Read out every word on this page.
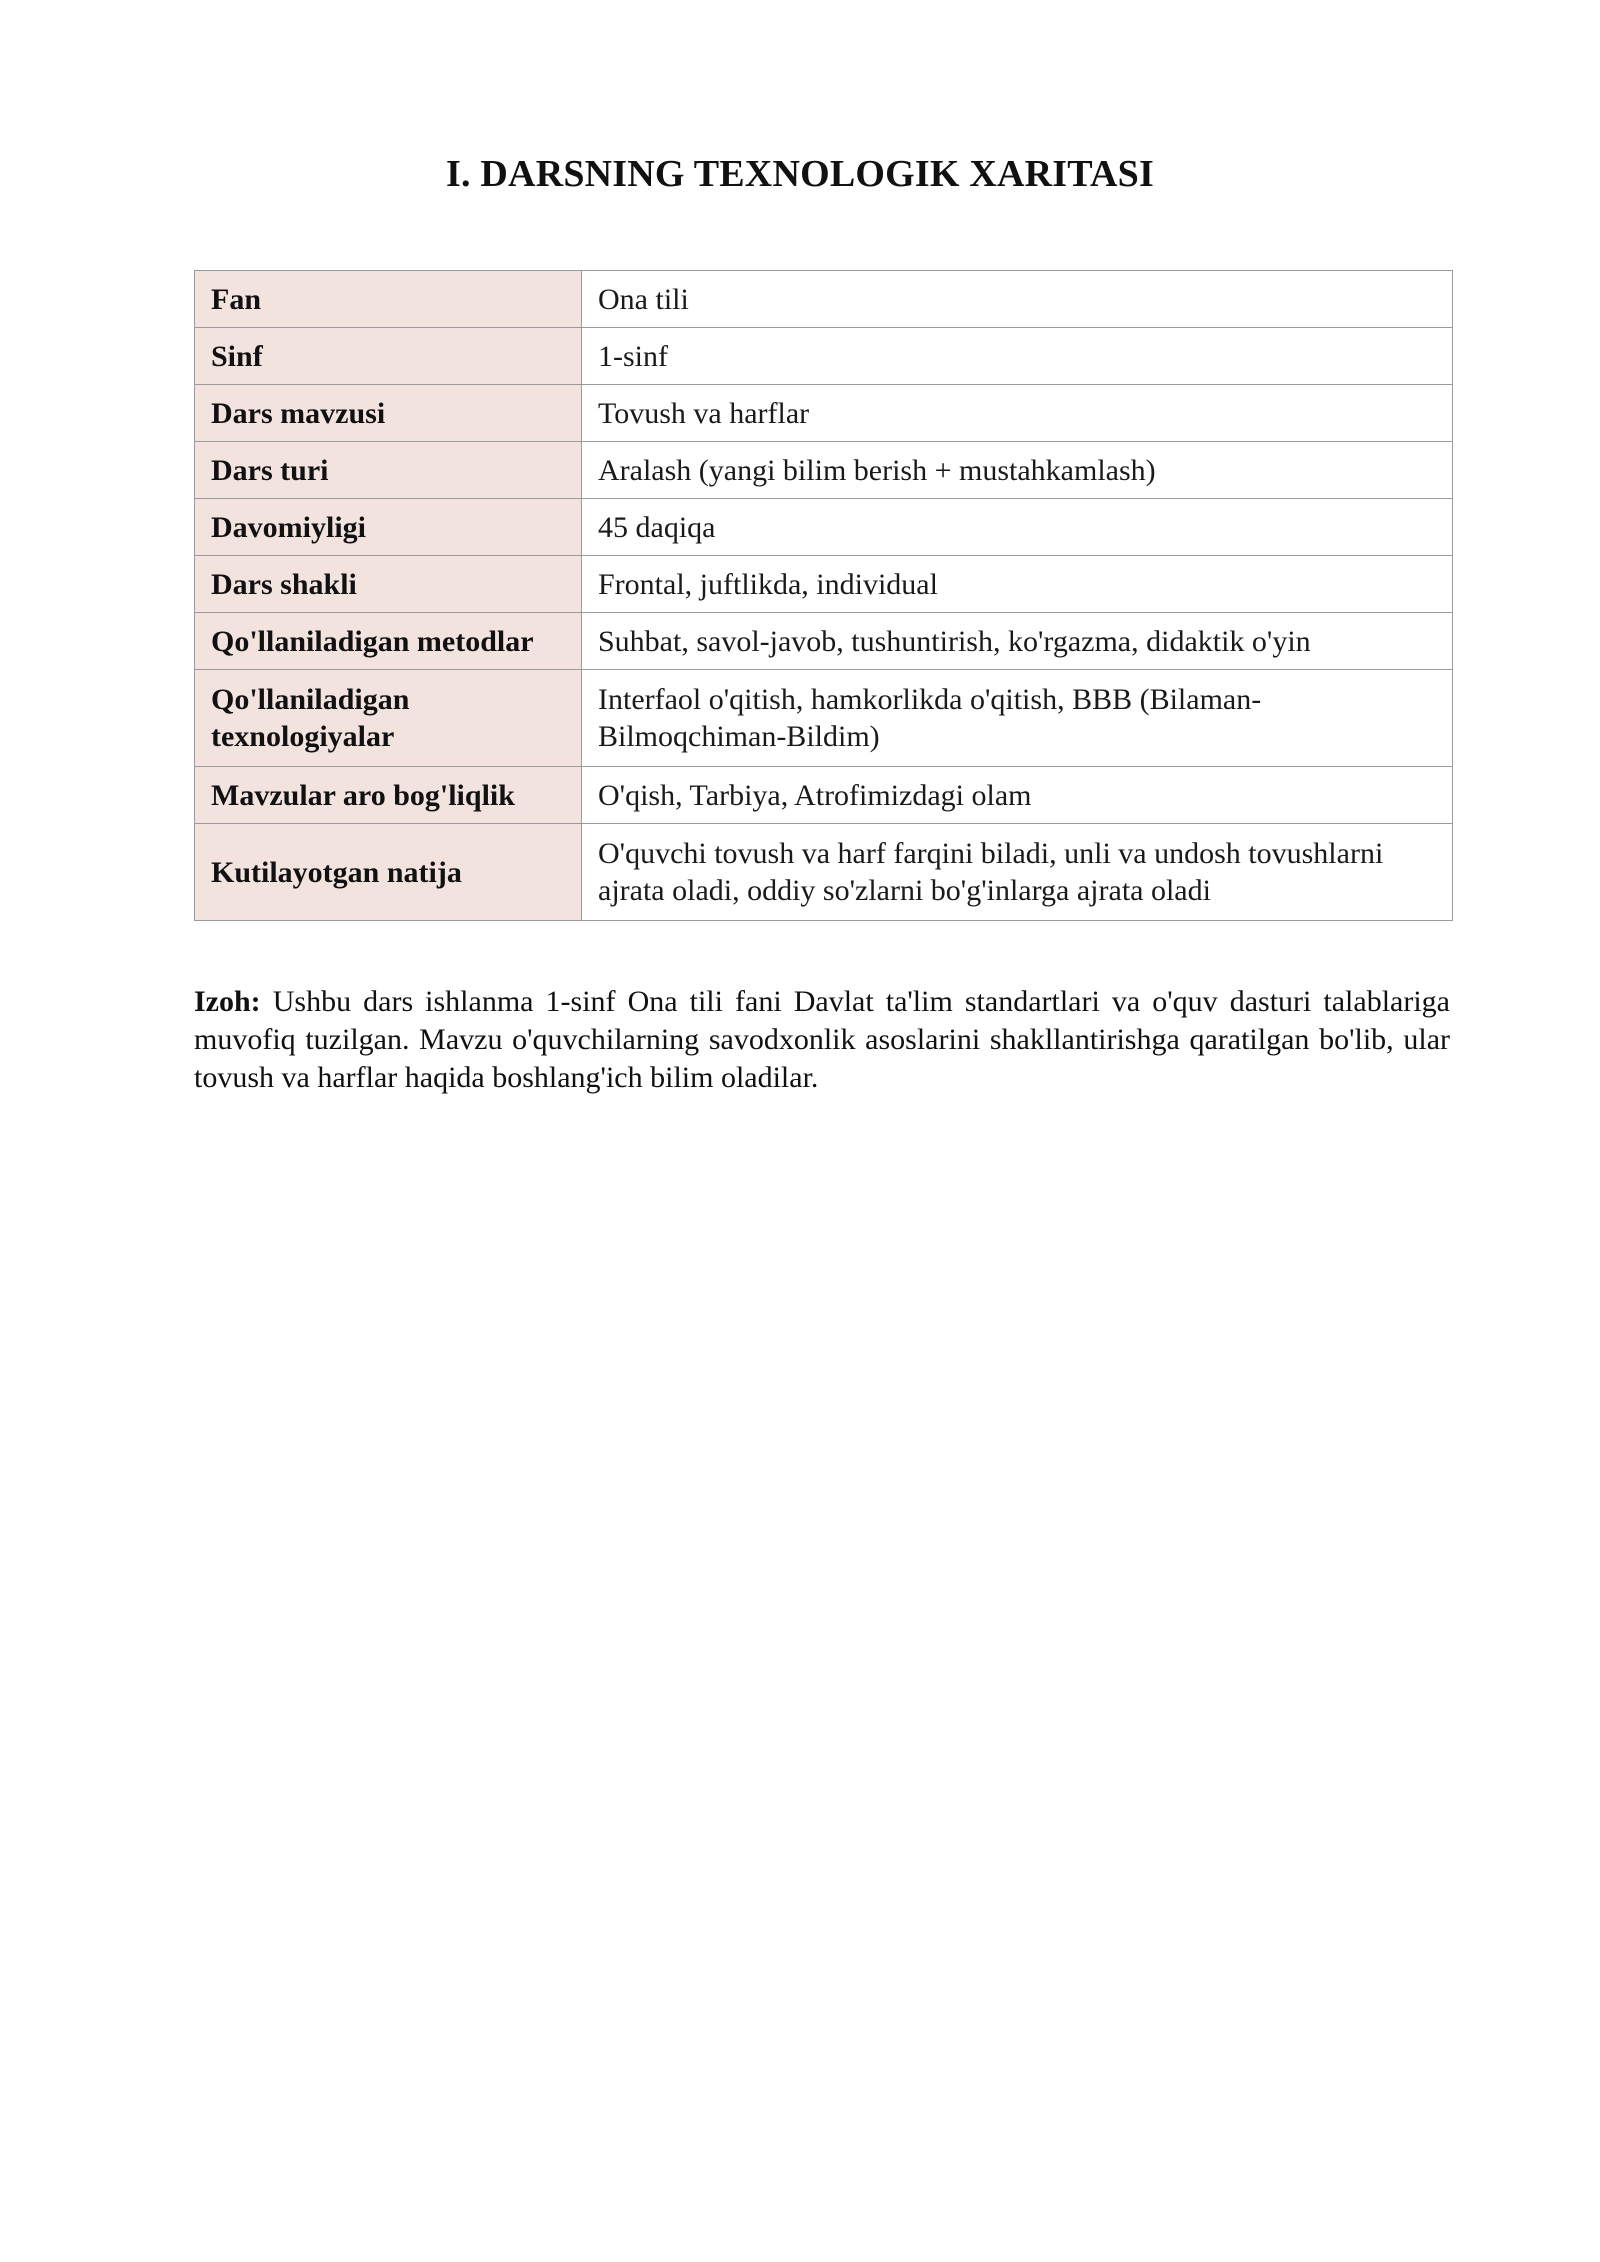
I. DARSNING TEXNOLOGIK XARITASI
Fan	Ona tili
Sinf	1-sinf
Dars mavzusi	Tovush va harflar
Dars turi	Aralash (yangi bilim berish + mustahkamlash)
Davomiyligi	45 daqiqa
Dars shakli	Frontal, juftlikda, individual
Qo'llaniladigan metodlar	Suhbat, savol-javob, tushuntirish, ko'rgazma, didaktik o'yin
Qo'llaniladigan texnologiyalar	Interfaol o'qitish, hamkorlikda o'qitish, BBB (Bilaman-Bilmoqchiman-Bildim)
Mavzular aro bog'liqlik	O'qish, Tarbiya, Atrofimizdagi olam
Kutilayotgan natija	O'quvchi tovush va harf farqini biladi, unli va undosh tovushlarni ajrata oladi, oddiy so'zlarni bo'g'inlarga ajrata oladi

Izoh: Ushbu dars ishlanma 1-sinf Ona tili fani Davlat ta'lim standartlari va o'quv dasturi talablariga muvofiq tuzilgan. Mavzu o'quvchilarning savodxonlik asoslarini shakllantirishga qaratilgan bo'lib, ular tovush va harflar haqida boshlang'ich bilim oladilar.
